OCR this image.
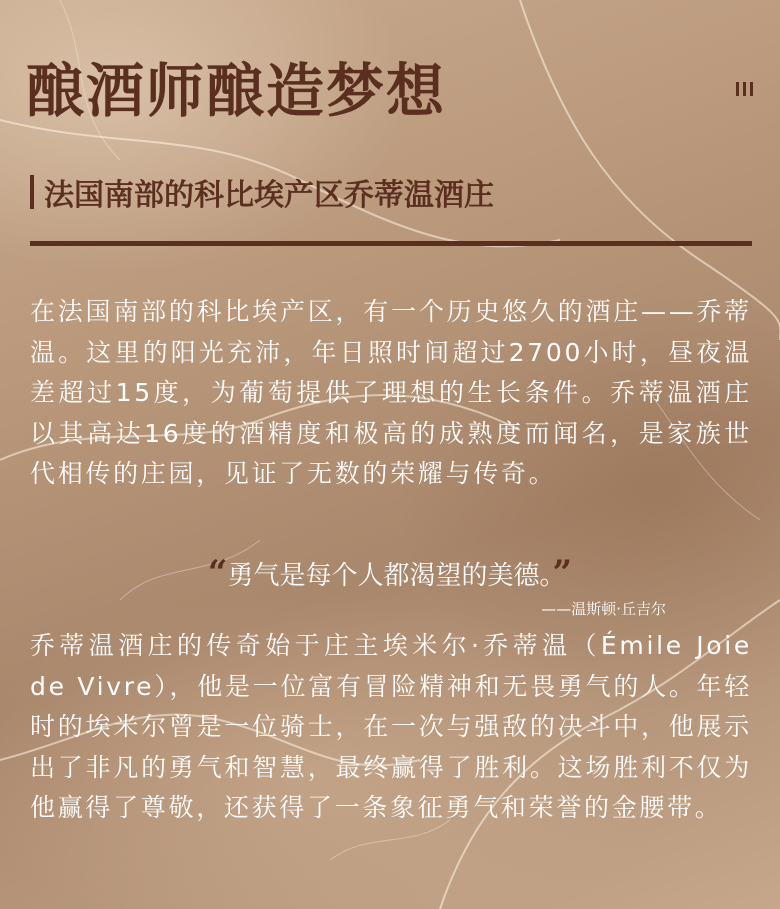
酿酒师酿造梦想
法国南部的科比埃产区乔蒂温酒庄
在法国南部的科比埃产区，有一个历史悠久的酒庄——乔蒂温。这里的阳光充沛，年日照时间超过2700小时，昼夜温差超过15度，为葡萄提供了理想的生长条件。乔蒂温酒庄以其高达16度的酒精度和极高的成熟度而闻名，是家族世代相传的庄园，见证了无数的荣耀与传奇。
“勇气是每个人都渴望的美德。”
——温斯顿·丘吉尔
乔蒂温酒庄的传奇始于庄主埃米尔·乔蒂温（Émile Joie de Vivre），他是一位富有冒险精神和无畏勇气的人。年轻时的埃米尔曾是一位骑士，在一次与强敌的决斗中，他展示出了非凡的勇气和智慧，最终赢得了胜利。这场胜利不仅为他赢得了尊敬，还获得了一条象征勇气和荣誉的金腰带。
